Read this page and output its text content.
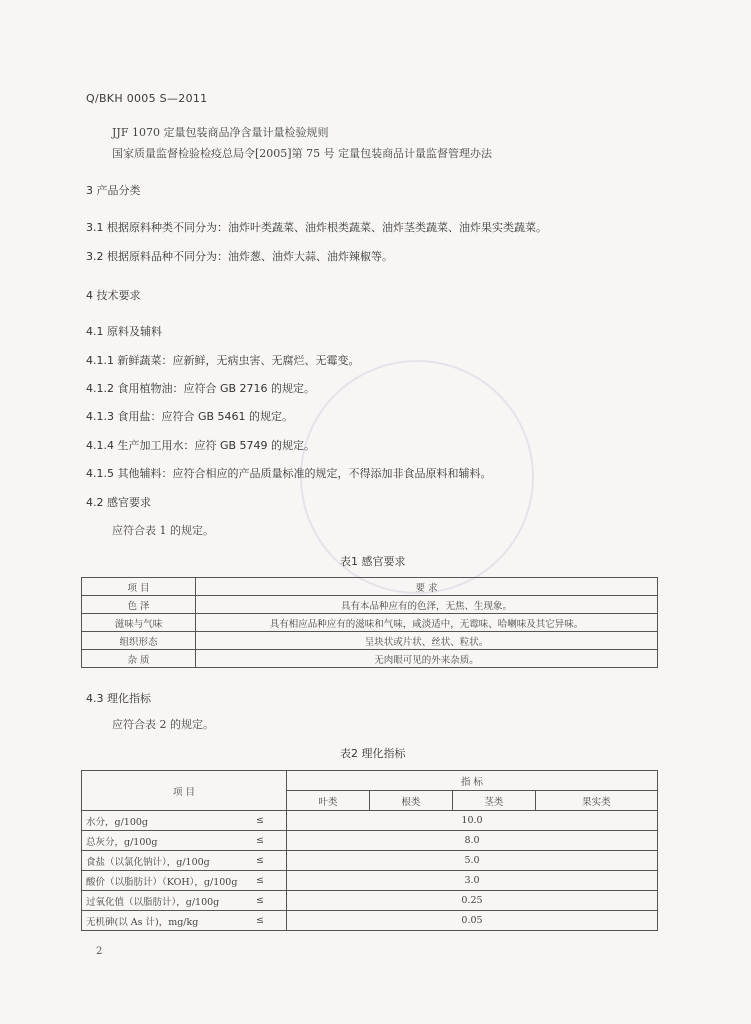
Q/BKH 0005 S—2011
JJF 1070 定量包装商品净含量计量检验规则
国家质量监督检验检疫总局令[2005]第 75 号 定量包装商品计量监督管理办法
3 产品分类
3.1 根据原料种类不同分为：油炸叶类蔬菜、油炸根类蔬菜、油炸茎类蔬菜、油炸果实类蔬菜。
3.2 根据原料品种不同分为：油炸葱、油炸大蒜、油炸辣椒等。
4 技术要求
4.1 原料及辅料
4.1.1 新鲜蔬菜：应新鲜，无病虫害、无腐烂、无霉变。
4.1.2 食用植物油：应符合 GB 2716 的规定。
4.1.3 食用盐：应符合 GB 5461 的规定。
4.1.4 生产加工用水：应符 GB 5749 的规定。
4.1.5 其他辅料：应符合相应的产品质量标准的规定，不得添加非食品原料和辅料。
4.2 感官要求
应符合表 1 的规定。
表1 感官要求
项 目	要 求
色 泽	具有本品种应有的色泽，无焦、生现象。
滋味与气味	具有相应品种应有的滋味和气味，咸淡适中，无霉味、哈喇味及其它异味。
组织形态	呈块状或片状、丝状、粒状。
杂 质	无肉眼可见的外来杂质。
4.3 理化指标
应符合表 2 的规定。
表2 理化指标
项 目		指 标			
		叶类	根类	茎类	果实类
水分，g/100g	≤	10.0			
总灰分，g/100g	≤	8.0			
食盐（以氯化钠计），g/100g	≤	5.0			
酸价（以脂肪计）（KOH），g/100g	≤	3.0			
过氧化值（以脂肪计），g/100g	≤	0.25			
无机砷(以 As 计)，mg/kg	≤	0.05			
2
